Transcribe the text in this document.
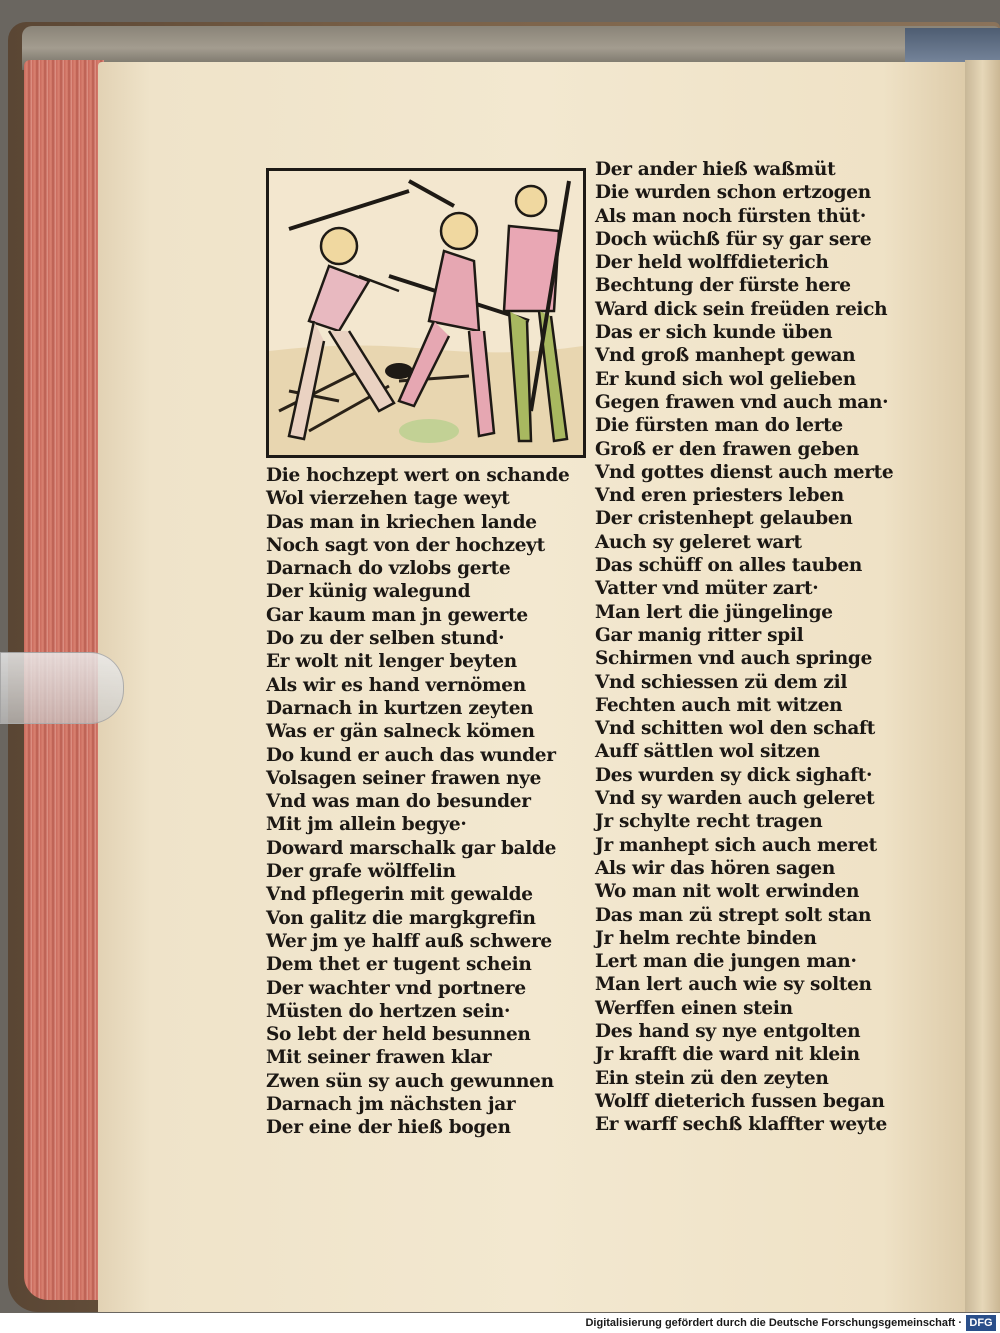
Die hochzept wert on schande
Wol vierzehen tage weyt
Das man in kriechen lande
Noch sagt von der hochzeyt
Darnach do vzlobs gerte
Der künig walegund
Gar kaum man jn gewerte
Do zu der selben stund·
Er wolt nit lenger beyten
Als wir es hand vernömen
Darnach in kurtzen zeyten
Was er gän salneck kömen
Do kund er auch das wunder
Volsagen seiner frawen nye
Vnd was man do besunder
Mit jm allein begye·
Doward marschalk gar balde
Der grafe wölffelin
Vnd pflegerin mit gewalde
Von galitz die margkgrefin
Wer jm ye halff auß schwere
Dem thet er tugent schein
Der wachter vnd portnere
Müsten do hertzen sein·
So lebt der held besunnen
Mit seiner frawen klar
Zwen sün sy auch gewunnen
Darnach jm nächsten jar
Der eine der hieß bogen
Der ander hieß waßmüt
Die wurden schon ertzogen
Als man noch fürsten thüt·
Doch wüchß für sy gar sere
Der held wolffdieterich
Bechtung der fürste here
Ward dick sein freüden reich
Das er sich kunde üben
Vnd groß manhept gewan
Er kund sich wol gelieben
Gegen frawen vnd auch man·
Die fürsten man do lerte
Groß er den frawen geben
Vnd gottes dienst auch merte
Vnd eren priesters leben
Der cristenhept gelauben
Auch sy geleret wart
Das schüff on alles tauben
Vatter vnd müter zart·
Man lert die jüngelinge
Gar manig ritter spil
Schirmen vnd auch springe
Vnd schiessen zü dem zil
Fechten auch mit witzen
Vnd schitten wol den schaft
Auff sättlen wol sitzen
Des wurden sy dick sighaft·
Vnd sy warden auch geleret
Jr schylte recht tragen
Jr manhept sich auch meret
Als wir das hören sagen
Wo man nit wolt erwinden
Das man zü strept solt stan
Jr helm rechte binden
Lert man die jungen man·
Man lert auch wie sy solten
Werffen einen stein
Des hand sy nye entgolten
Jr krafft die ward nit klein
Ein stein zü den zeyten
Wolff dieterich fussen began
Er warff sechß klaffter weyte
Digitalisierung gefördert durch die Deutsche Forschungsgemeinschaft · DFG
